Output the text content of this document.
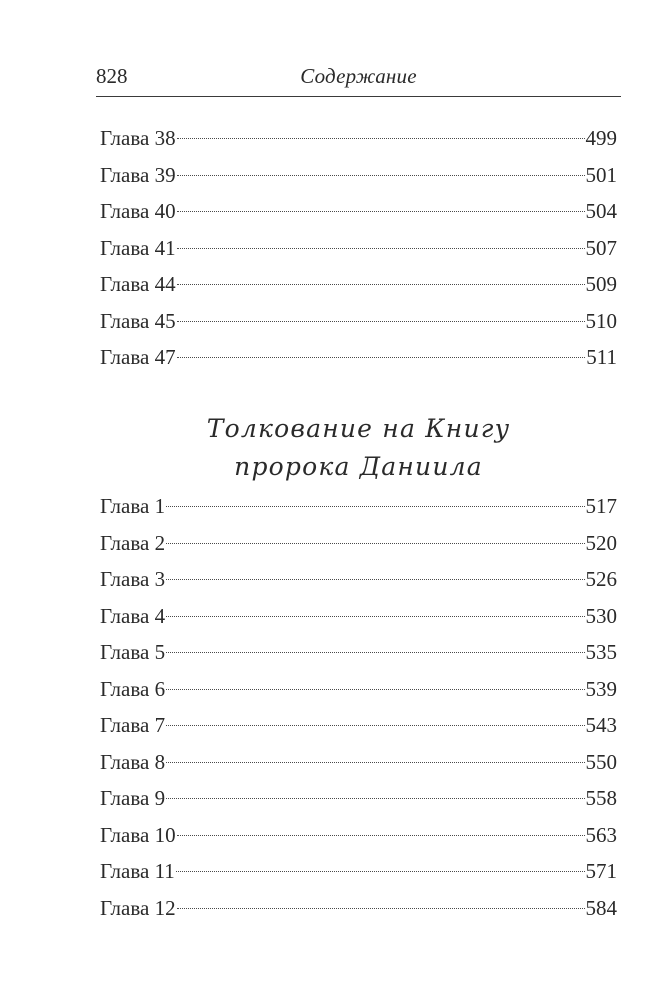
828	Содержание
Глава 38	499
Глава 39	501
Глава 40	504
Глава 41	507
Глава 44	509
Глава 45	510
Глава 47	511
Толкование на Книгу
пророка Даниила
Глава 1	517
Глава 2	520
Глава 3	526
Глава 4	530
Глава 5	535
Глава 6	539
Глава 7	543
Глава 8	550
Глава 9	558
Глава 10	563
Глава 11	571
Глава 12	584
